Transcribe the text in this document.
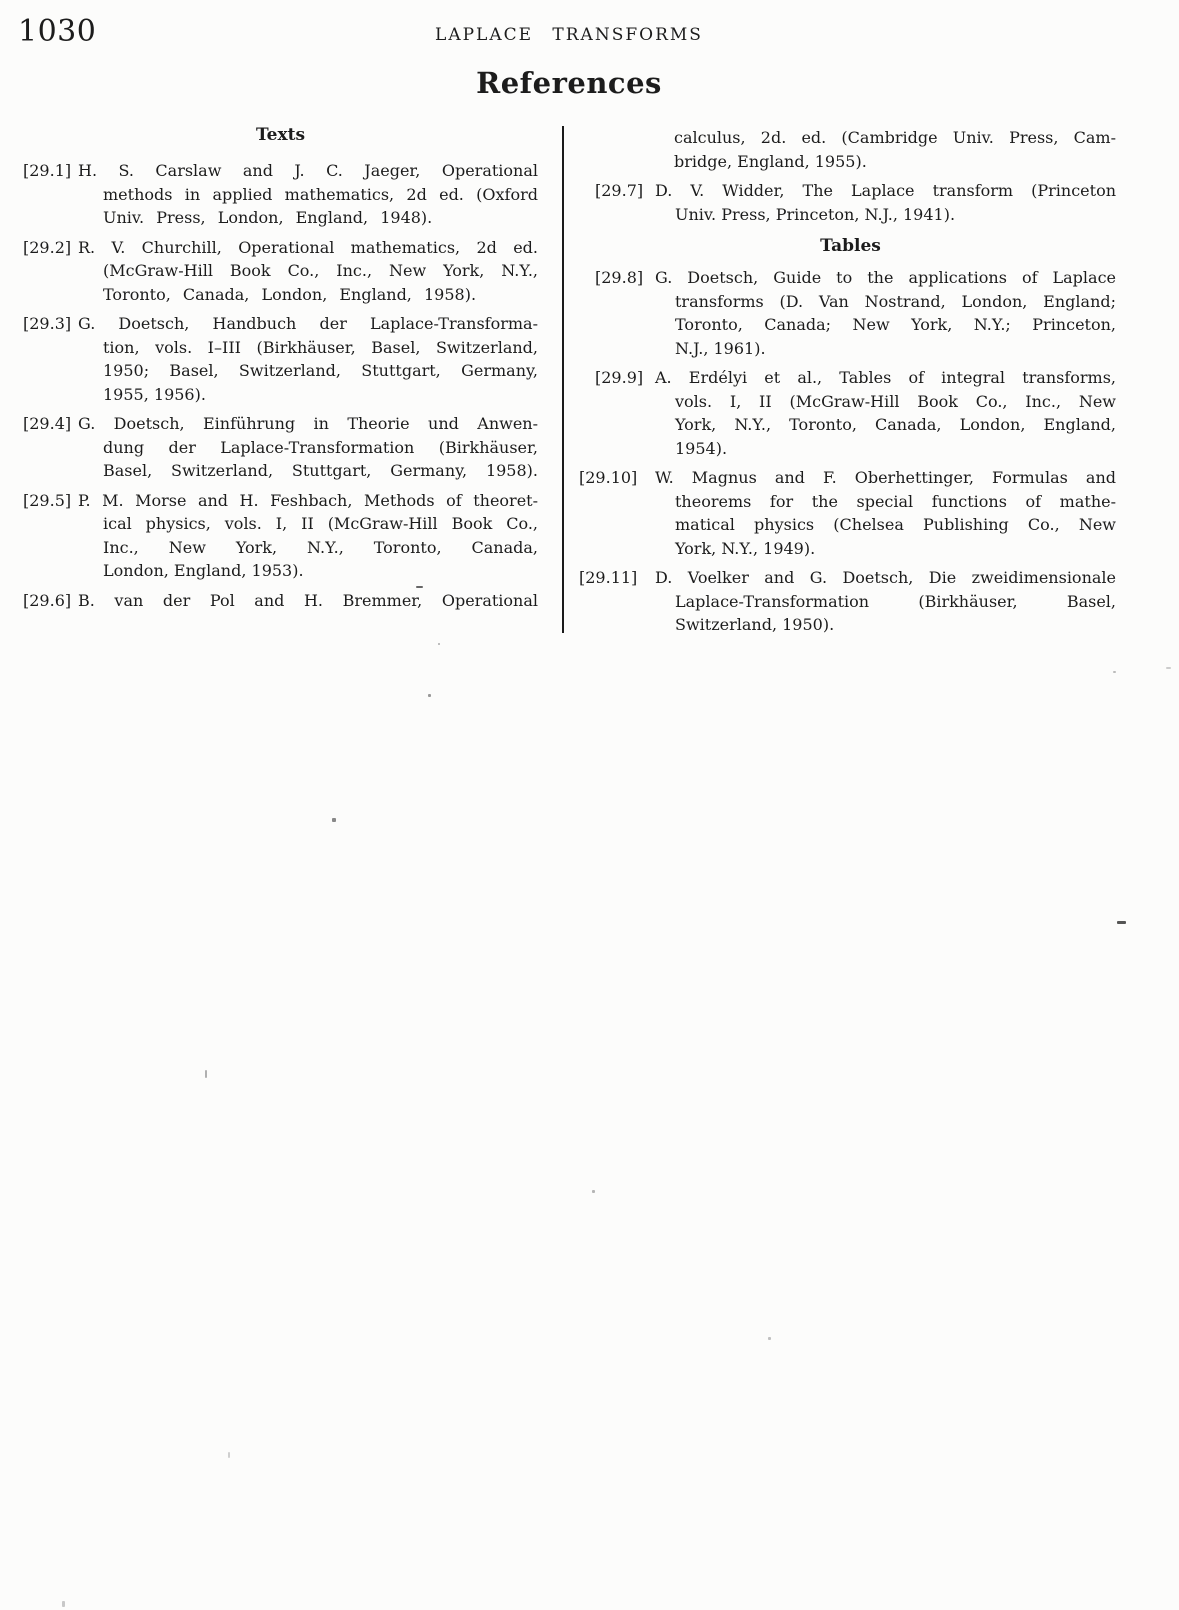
1030	LAPLACE TRANSFORMS
References
Texts
[29.1] H. S. Carslaw and J. C. Jaeger, Operational
methods in applied mathematics, 2d ed. (Oxford
Univ. Press, London, England, 1948).
[29.2] R. V. Churchill, Operational mathematics, 2d ed.
(McGraw-Hill Book Co., Inc., New York, N.Y.,
Toronto, Canada, London, England, 1958).
[29.3] G. Doetsch, Handbuch der Laplace-Transforma-
tion, vols. I–III (Birkhäuser, Basel, Switzerland,
1950; Basel, Switzerland, Stuttgart, Germany,
1955, 1956).
[29.4] G. Doetsch, Einführung in Theorie und Anwen-
dung der Laplace-Transformation (Birkhäuser,
Basel, Switzerland, Stuttgart, Germany, 1958).
[29.5] P. M. Morse and H. Feshbach, Methods of theoret-
ical physics, vols. I, II (McGraw-Hill Book Co.,
Inc., New York, N.Y., Toronto, Canada,
London, England, 1953).
[29.6] B. van der Pol and H. Bremmer, Operational
calculus, 2d. ed. (Cambridge Univ. Press, Cam-
bridge, England, 1955).
[29.7] D. V. Widder, The Laplace transform (Princeton
Univ. Press, Princeton, N.J., 1941).
Tables
[29.8] G. Doetsch, Guide to the applications of Laplace
transforms (D. Van Nostrand, London, England;
Toronto, Canada; New York, N.Y.; Princeton,
N.J., 1961).
[29.9] A. Erdélyi et al., Tables of integral transforms,
vols. I, II (McGraw-Hill Book Co., Inc., New
York, N.Y., Toronto, Canada, London, England,
1954).
[29.10] W. Magnus and F. Oberhettinger, Formulas and
theorems for the special functions of mathe-
matical physics (Chelsea Publishing Co., New
York, N.Y., 1949).
[29.11] D. Voelker and G. Doetsch, Die zweidimensionale
Laplace-Transformation (Birkhäuser, Basel,
Switzerland, 1950).
